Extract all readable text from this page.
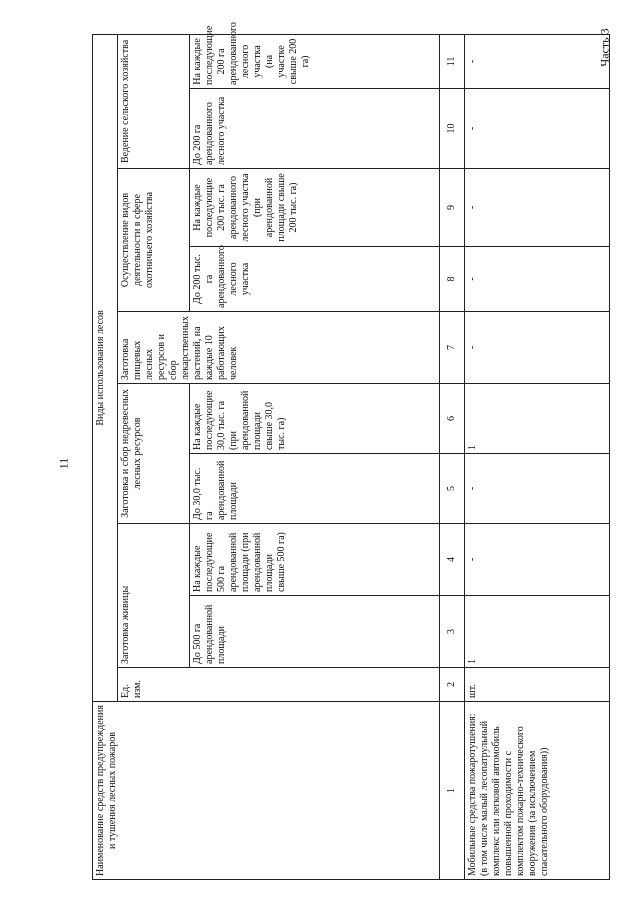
11
Часть 3
Наименование средств предупреждения и тушения лесных пожаров	Виды использования лесов									
	Ед. изм.	Заготовка живицы		Заготовка и сбор недревесных лесных ресурсов		Заготовка пищевых лесных ресурсов и сбор лекарственных растений, на каждые 10 работающих человек	Осуществление видов деятельности в сфере охотничьего хозяйства		Ведение сельского хозяйства	
		До 500 га арендованной площади	На каждые последующие 500 га арендованной площади (при арендованной площади свыше 500 га)	До 30,0 тыс. га арендованной площади	На каждые последующие 30,0 тыс. га (при арендованной площади свыше 30,0 тыс. га)		До 200 тыс. га арендованного лесного участка	На каждые последующие 200 тыс. га арендованного лесного участка (при арендованной площади свыше 200 тыс. га)	До 200 га арендованного лесного участка	На каждые последующие 200 га арендованного лесного участка (на участке свыше 200 га)
1	2	3	4	5	6	7	8	9	10	11
Мобильные средства пожаротушения: (в том числе малый лесопатрульный комплекс или легковой автомобиль повышенной проходимости с комплектом пожарно-технического вооружения (за исключением спасательного оборудования))	шт.	1	-	-	1	-	-	-	-	-
